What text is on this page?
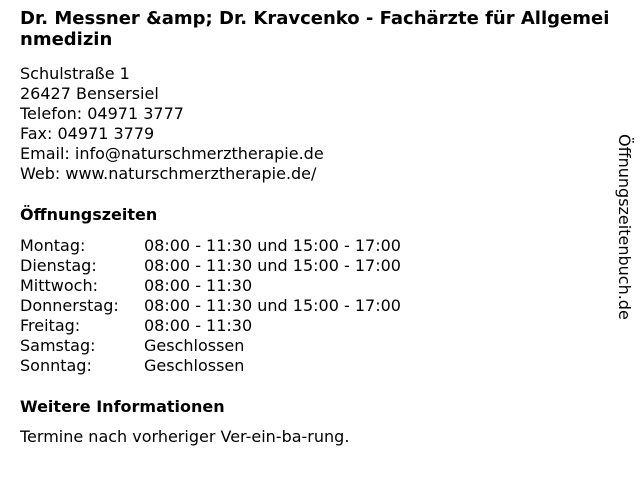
Dr. Messner &amp; Dr. Kravcenko - Fachärzte für Allgemeinmedizin
Schulstraße 1
26427 Bensersiel
Telefon: 04971 3777
Fax: 04971 3779
Email: info@naturschmerztherapie.de
Web: www.naturschmerztherapie.de/
Öffnungszeiten
Montag:	08:00 - 11:30 und 15:00 - 17:00
Dienstag:	08:00 - 11:30 und 15:00 - 17:00
Mittwoch:	08:00 - 11:30
Donnerstag:	08:00 - 11:30 und 15:00 - 17:00
Freitag:	08:00 - 11:30
Samstag:	Geschlossen
Sonntag:	Geschlossen
Weitere Informationen
Termine nach vorheriger Ver-ein-ba-rung.
Öffnungszeitenbuch.de
